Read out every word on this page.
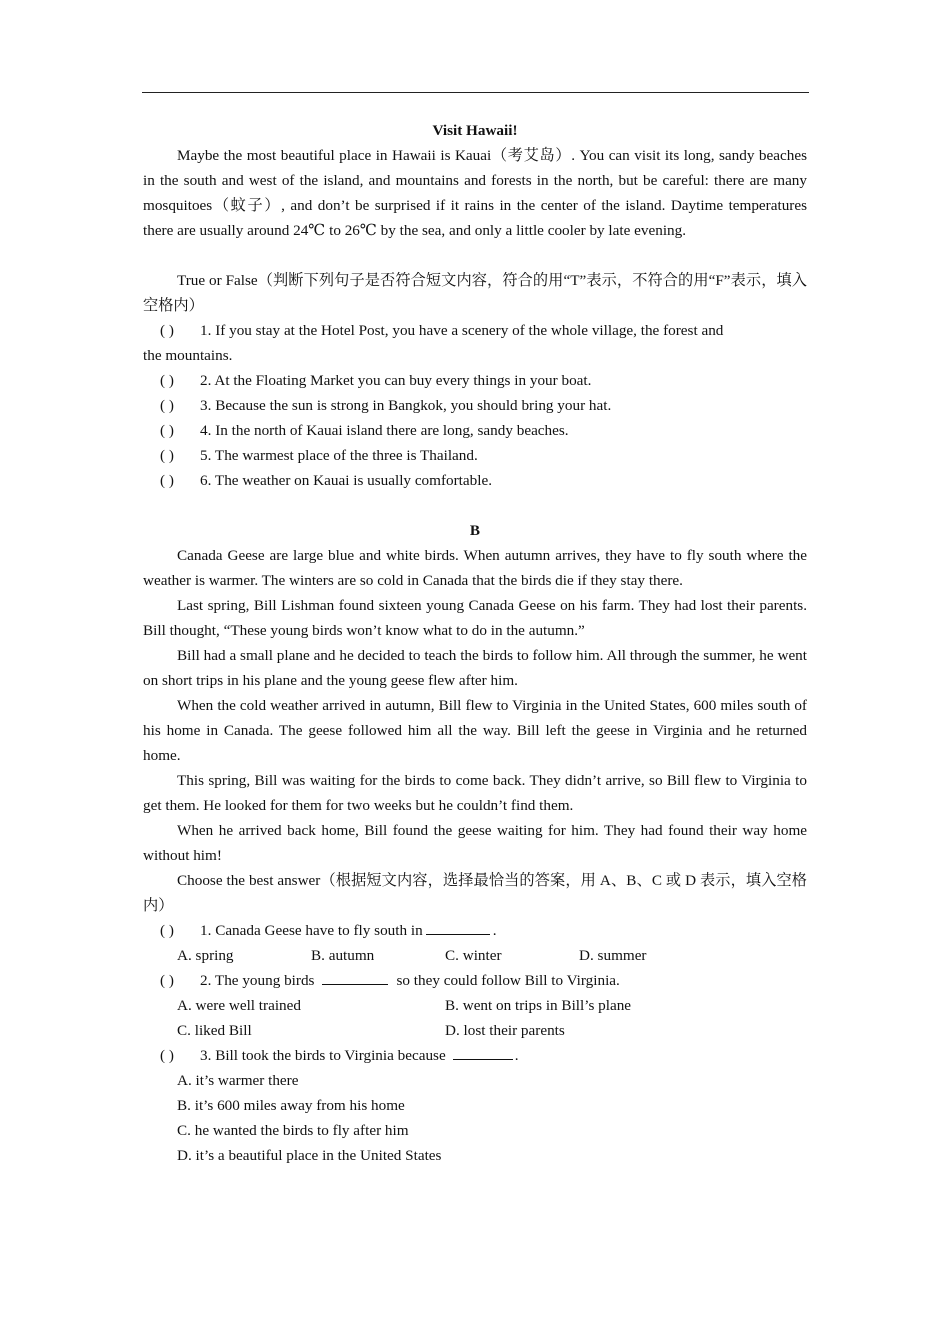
Visit Hawaii!

Maybe the most beautiful place in Hawaii is Kauai（考艾岛）. You can visit its long, sandy beaches in the south and west of the island, and mountains and forests in the north, but be careful: there are many mosquitoes（蚊子）, and don’t be surprised if it rains in the center of the island. Daytime temperatures there are usually around 24℃ to 26℃ by the sea, and only a little cooler by late evening.

True or False（判断下列句子是否符合短文内容，符合的用“T”表示，不符合的用“F”表示，填入空格内）

( ) 1. If you stay at the Hotel Post, you have a scenery of the whole village, the forest and
the mountains.
( ) 2. At the Floating Market you can buy every things in your boat.
( ) 3. Because the sun is strong in Bangkok, you should bring your hat.
( ) 4. In the north of Kauai island there are long, sandy beaches.
( ) 5. The warmest place of the three is Thailand.
( ) 6. The weather on Kauai is usually comfortable.
B

Canada Geese are large blue and white birds. When autumn arrives, they have to fly south where the weather is warmer. The winters are so cold in Canada that the birds die if they stay there.

Last spring, Bill Lishman found sixteen young Canada Geese on his farm. They had lost their parents. Bill thought, “These young birds won’t know what to do in the autumn.”

Bill had a small plane and he decided to teach the birds to follow him. All through the summer, he went on short trips in his plane and the young geese flew after him.

When the cold weather arrived in autumn, Bill flew to Virginia in the United States, 600 miles south of his home in Canada. The geese followed him all the way. Bill left the geese in Virginia and he returned home.

This spring, Bill was waiting for the birds to come back. They didn’t arrive, so Bill flew to Virginia to get them. He looked for them for two weeks but he couldn’t find them.

When he arrived back home, Bill found the geese waiting for him. They had found their way home without him!

Choose the best answer（根据短文内容，选择最恰当的答案，用 A、B、C 或 D 表示，填入空格内）

( ) 1. Canada Geese have to fly south in	.
A. spring	B. autumn	C. winter	D. summer
( ) 2. The young birds	so they could follow Bill to Virginia.
A. were well trained	B. went on trips in Bill’s plane
C. liked Bill	D. lost their parents
( ) 3. Bill took the birds to Virginia because	.
A. it’s warmer there
B. it’s 600 miles away from his home
C. he wanted the birds to fly after him
D. it’s a beautiful place in the United States
